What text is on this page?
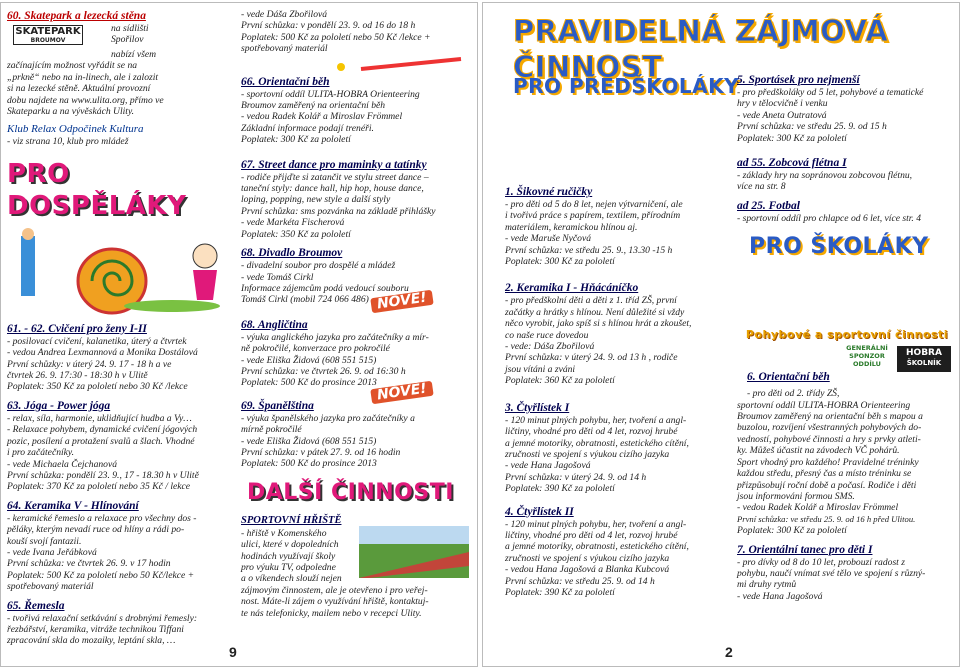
60. Skatepark a lezecká stěna
SKATEPARK
BROUMOV
na sídlišti
Spořilov
nabízí všem
začínajícím možnost vyřádit se na
„prkně“ nebo na in-linech, ale i zalozit
si na lezecké stěně. Aktuální provozní
dobu najdete na www.ulita.org, přímo ve
Skateparku a na vývěskách Ulity.
Klub Relax Odpočinek Kultura
- viz strana 10, klub pro mládež
PRO DOSPĚLÁKY
61. - 62. Cvičení pro ženy I-II
- posilovací cvičení, kalanetika, úterý a čtvrtek
- vedou Andrea Lexmannová a Monika Dostálová
První schůzky: v úterý 24. 9. 17 - 18 h a ve
čtvrtek 26. 9. 17:30 - 18:30 h v Ulitě
Poplatek: 350 Kč za pololetí nebo 30 Kč /lekce
63. Jóga - Power jóga
- relax, síla, harmonie, uklidňující hudba a Vy…
- Relaxace pohybem, dynamické cvičení jógových
pozic, posílení a protažení svalů a šlach. Vhodné
i pro začátečníky.
- vede Michaela Čejchanová
První schůzka: pondělí 23. 9., 17 - 18.30 h v Ulitě
Poplatek: 370 Kč za pololetí nebo 35 Kč / lekce
64. Keramika V - Hlínování
- keramické řemeslo a relaxace pro všechny dos -
pěláky, kterým nevadí ruce od hlíny a rádi po-
kouší svojí fantazii.
- vede Ivana Jeřábková
První schůzka: ve čtvrtek 26. 9. v 17 hodin
Poplatek: 500 Kč za pololetí nebo 50 Kč/lekce +
spotřebovaný materiál
65. Řemesla
- tvořivá relaxační setkávání s drobnými řemesly:
řezbářství, keramika, vitráže technikou Tiffani
zpracování skla do mozaiky, leptání skla, …
- vede Dáša Zbořilová
První schůzka: v pondělí 23. 9. od 16 do 18 h
Poplatek: 500 Kč za pololetí nebo 50 Kč /lekce +
spotřebovaný materiál
66. Orientační běh
- sportovní oddíl ULITA-HOBRA Orienteering
Broumov zaměřený na orientační běh
- vedou Radek Kolář a Miroslav Frömmel
Základní informace podají trenéři.
Poplatek: 300 Kč za pololetí
67. Street dance pro maminky a tatínky
- rodiče přijďte si zatančit ve stylu street dance –
taneční styly: dance hall, hip hop, house dance,
loping, popping, new style a další styly
První schůzka: sms pozvánka na základě přihlášky
- vede Markéta Fischerová
Poplatek: 350 Kč za pololetí
68. Divadlo Broumov
- divadelní soubor pro dospělé a mládež
- vede Tomáš Cirkl
Informace zájemcům podá vedoucí souboru
Tomáš Cirkl (mobil 724 066 486) NOVĚ!
68. Angličtina
- výuka anglického jazyka pro začátečníky a mír-
ně pokročilé, konverzace pro pokročilé
- vede Eliška Židová (608 551 515)
První schůzka: ve čtvrtek 26. 9. od 16:30 h
Poplatek: 500 Kč do prosince 2013 NOVĚ!
69. Španělština
- výuka španělského jazyka pro začátečníky a
mírně pokročilé
- vede Eliška Židová (608 551 515)
První schůzka: v pátek 27. 9. od 16 hodin
Poplatek: 500 Kč do prosince 2013
DALŠÍ ČINNOSTI
SPORTOVNÍ HŘIŠTĚ
- hřiště v Komenského
ulici, které v dopoledních
hodinách využívají školy
pro výuku TV, odpoledne
a o víkendech slouží nejen
zájmovým činnostem, ale je otevřeno i pro veřej-
nost. Máte-li zájem o využívání hřiště, kontaktuj-
te nás telefonicky, mailem nebo v recepci Ulity.
9
PRAVIDELNÁ ZÁJMOVÁ ČINNOST
PRO PŘEDŠKOLÁKY
1. Šikovné ručičky
- pro děti od 5 do 8 let, nejen výtvarničení, ale
i tvořivá práce s papírem, textilem, přírodním
materiálem, keramickou hlínou aj.
- vede Maruše Nyčová
První schůzka: ve středu 25. 9., 13.30 -15 h
Poplatek: 300 Kč za pololetí
2. Keramika I - Hňácáníčko
- pro předškolní děti a děti z 1. tříd ZŠ, první
začátky a hrátky s hlínou. Není důležité si vždy
něco vyrobit, jako spíš si s hlínou hrát a zkoušet,
co naše ruce dovedou
- vede: Dáša Zbořilová
První schůzka: v úterý 24. 9. od 13 h , rodiče
jsou vítáni a zváni
Poplatek: 360 Kč za pololetí
3. Čtyřlístek I
- 120 minut plných pohybu, her, tvoření a angl-
ličtiny, vhodné pro děti od 4 let, rozvoj hrubé
a jemné motoriky, obratnosti, estetického cítění,
zručnosti ve spojení s výukou cizího jazyka
- vede Hana Jagošová
První schůzka: v úterý 24. 9. od 14 h
Poplatek: 390 Kč za pololetí
4. Čtyřlístek II
- 120 minut plných pohybu, her, tvoření a angl-
ličtiny, vhodné pro děti od 4 let, rozvoj hrubé
a jemné motoriky, obratnosti, estetického cítění,
zručnosti ve spojení s výukou cizího jazyka
- vedou Hana Jagošová a Blanka Kubcová
První schůzka: ve středu 25. 9. od 14 h
Poplatek: 390 Kč za pololetí
5. Sportásek pro nejmenší
- pro předškoláky od 5 let, pohybové a tematické
hry v tělocvičně i venku
- vede Aneta Outratová
První schůzka: ve středu 25. 9. od 15 h
Poplatek: 300 Kč za pololetí
ad 55. Zobcová flétna I
- základy hry na sopránovou zobcovou flétnu,
více na str. 8
ad 25. Fotbal
- sportovní oddíl pro chlapce od 6 let, více str. 4
PRO ŠKOLÁKY
Pohybové a sportovní činnosti
GENERÁLNÍ
SPONZOR
ODDÍLU
HOBRA
ŠKOLNÍK
6. Orientační běh
- pro děti od 2. třídy ZŠ,
sportovní oddíl ULITA-HOBRA Orienteering
Broumov zaměřený na orientační běh s mapou a
buzolou, rozvíjení všestranných pohybových do-
vedností, pohybové činnosti a hry s prvky atleti-
ky. Můžeš účastit na závodech VČ pohárů.
Sport vhodný pro každého! Pravidelné tréninky
každou středu, přesný čas a místo tréninku se
přizpůsobují roční době a počasí. Rodiče i děti
jsou informováni formou SMS.
- vedou Radek Kolář a Miroslav Frömmel
První schůzka: ve středu 25. 9. od 16 h před Ulitou.
Poplatek: 300 Kč za pololetí
7. Orientální tanec pro děti I
- pro dívky od 8 do 10 let, probouzí radost z
pohybu, naučí vnímat své tělo ve spojení s různý-
mi druhy rytmů
- vede Hana Jagošová
2
